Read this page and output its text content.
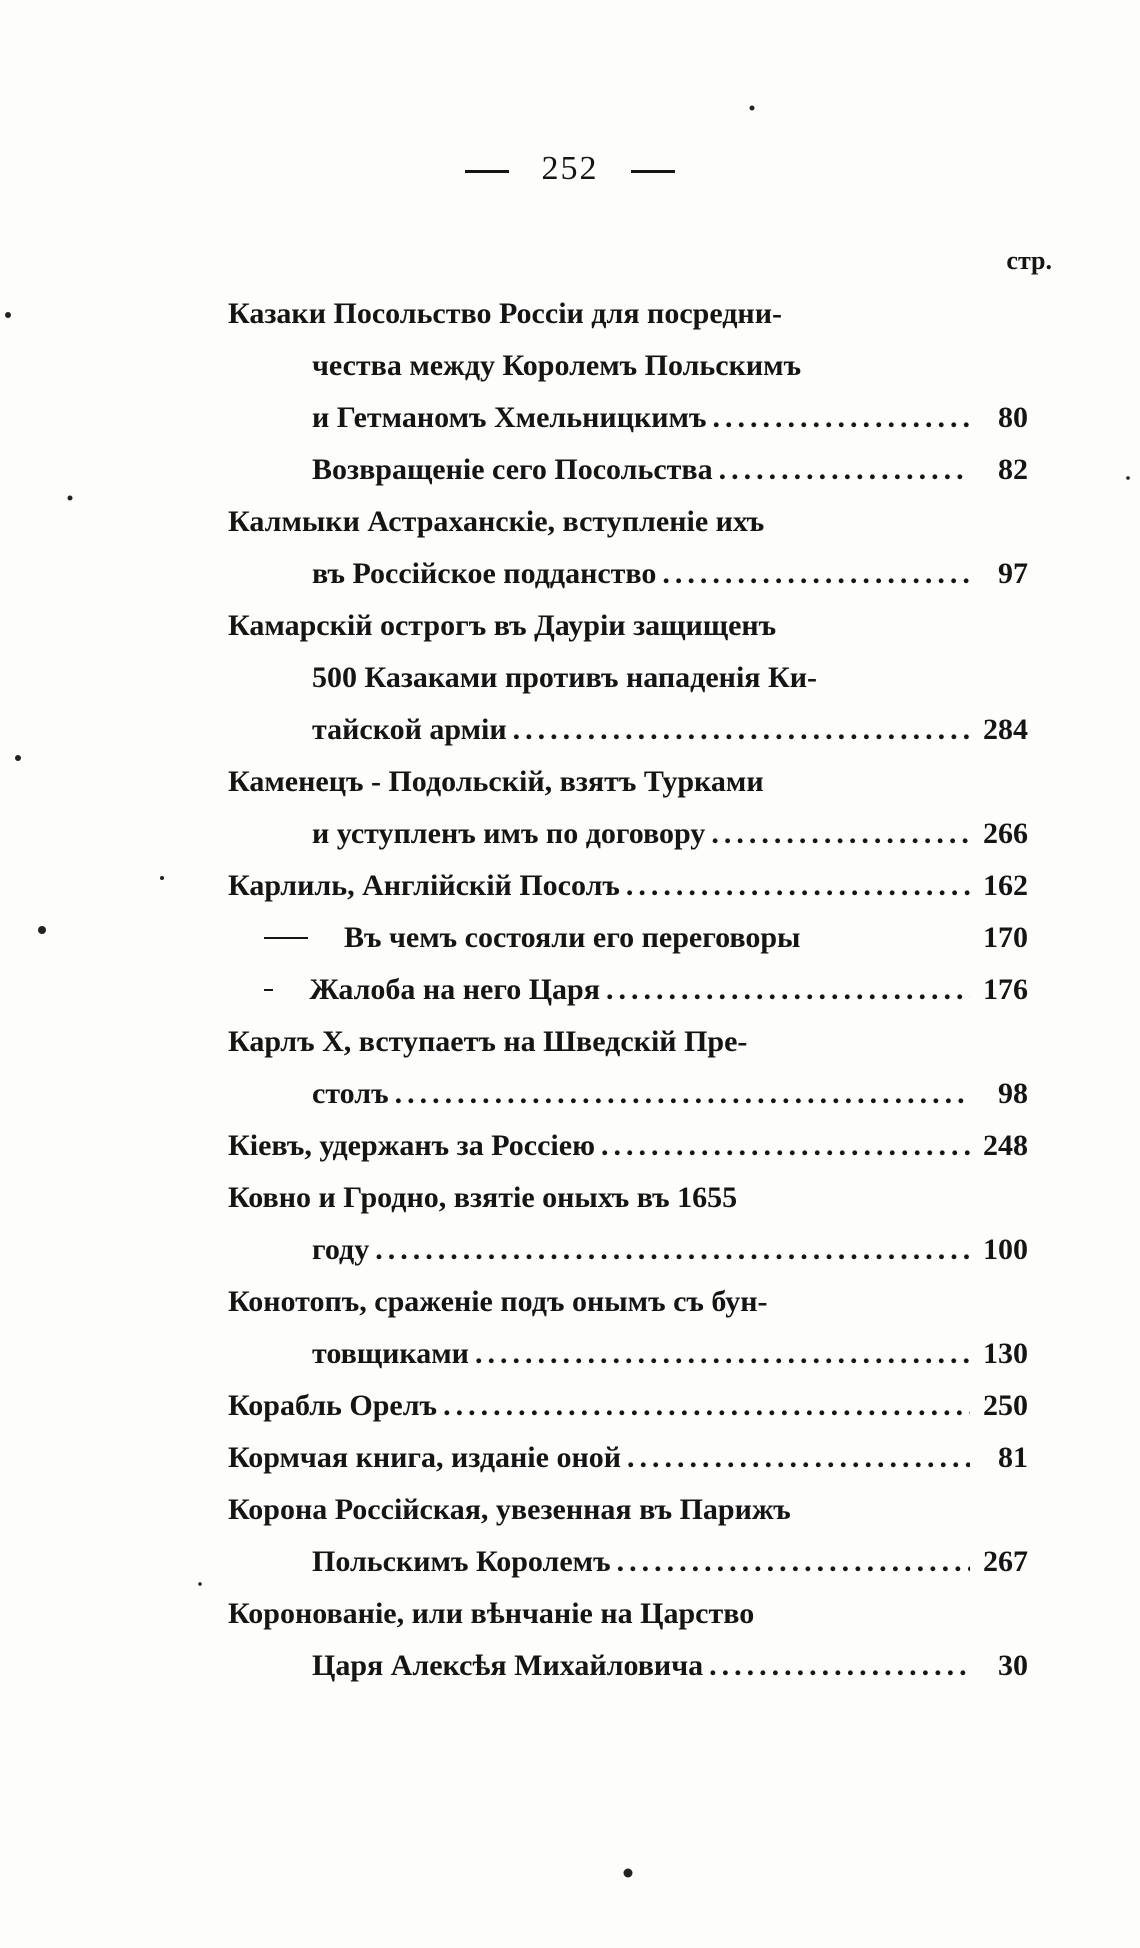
252
стр.
Казаки Посольство Россіи для посредни-
чества между Королемъ Польскимъ
и Гетманомъ Хмельницкимъ .....	80
Возвращеніе сего Посольства .....	82
Калмыки Астраханскіе, вступленіе ихъ
въ Россійское подданство .....	97
Камарскій острогъ въ Дауріи защищенъ
500 Казаками противъ нападенія Ки-
тайской арміи .....	284
Каменецъ - Подольскій, взятъ Турками
и уступленъ имъ по договору .....	266
Карлиль, Англійскій Посолъ .....	162
Въ чемъ состояли его переговоры	170
Жалоба на него Царя .....	176
Карлъ X, вступаетъ на Шведскій Пре-
столъ .....	98
Кіевъ, удержанъ за Россіею .....	248
Ковно и Гродно, взятіе оныхъ въ 1655
году .....	100
Конотопъ, сраженіе подъ онымъ съ бун-
товщиками .....	130
Корабль Орелъ .....	250
Кормчая книга, изданіе оной .....	81
Корона Россійская, увезенная въ Парижъ
Польскимъ Королемъ .....	267
Коронованіе, или вѣнчаніе на Царство
Царя Алексѣя Михайловича .....	30
